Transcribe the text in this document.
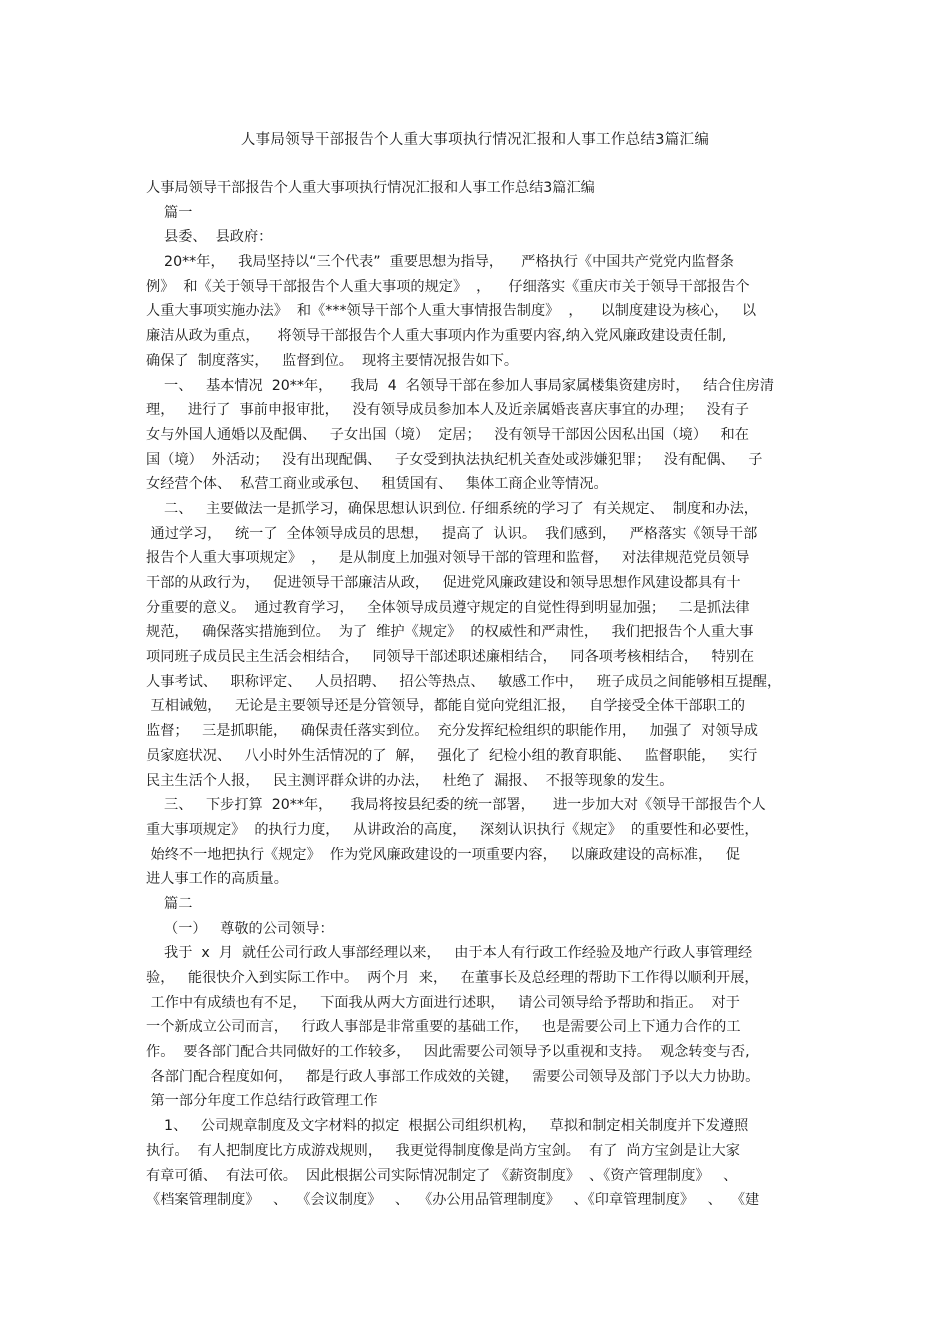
人事局领导干部报告个人重大事项执行情况汇报和人事工作总结3篇汇编
人事局领导干部报告个人重大事项执行情况汇报和人事工作总结3篇汇编
篇一
县委、  县政府：
20**年，   我局坚持以“三个代表”  重要思想为指导，    严格执行《中国共产党党内监督条
例》  和《关于领导干部报告个人重大事项的规定》  ，    仔细落实《重庆市关于领导干部报告个
人重大事项实施办法》  和《***领导干部个人重大事情报告制度》  ，    以制度建设为核心，   以
廉洁从政为重点，    将领导干部报告个人重大事项内作为重要内容,纳入党风廉政建设责任制,
确保了  制度落实，   监督到位。  现将主要情况报告如下。
一、   基本情况  20**年，    我局  4  名领导干部在参加人事局家属楼集资建房时，   结合住房清
理，   进行了  事前申报审批，   没有领导成员参加本人及近亲属婚丧喜庆事宜的办理；   没有子
女与外国人通婚以及配偶、   子女出国（境）  定居；   没有领导干部因公因私出国（境）   和在
国（境）  外活动；   没有出现配偶、   子女受到执法执纪机关查处或涉嫌犯罪；   没有配偶、   子
女经营个体、  私营工商业或承包、   租赁国有、   集体工商企业等情况。
二、   主要做法一是抓学习，确保思想认识到位. 仔细系统的学习了  有关规定、  制度和办法，
通过学习，   统一了  全体领导成员的思想，   提高了  认识。  我们感到，   严格落实《领导干部
报告个人重大事项规定》  ，   是从制度上加强对领导干部的管理和监督，   对法律规范党员领导
干部的从政行为，   促进领导干部廉洁从政，   促进党风廉政建设和领导思想作风建设都具有十
分重要的意义。  通过教育学习，   全体领导成员遵守规定的自觉性得到明显加强；   二是抓法律
规范，   确保落实措施到位。  为了  维护《规定》  的权威性和严肃性，   我们把报告个人重大事
项同班子成员民主生活会相结合，   同领导干部述职述廉相结合，   同各项考核相结合，   特别在
人事考试、   职称评定、   人员招聘、   招公等热点、   敏感工作中，   班子成员之间能够相互提醒，
互相诫勉，   无论是主要领导还是分管领导，都能自觉向党组汇报，   自学接受全体干部职工的
监督；   三是抓职能，   确保责任落实到位。  充分发挥纪检组织的职能作用，   加强了  对领导成
员家庭状况、   八小时外生活情况的了  解，   强化了  纪检小组的教育职能、   监督职能，   实行
民主生活个人报，   民主测评群众讲的办法，   杜绝了  漏报、  不报等现象的发生。
三、   下步打算  20**年，    我局将按县纪委的统一部署，    进一步加大对《领导干部报告个人
重大事项规定》  的执行力度，   从讲政治的高度，   深刻认识执行《规定》  的重要性和必要性，
始终不一地把执行《规定》  作为党风廉政建设的一项重要内容，   以廉政建设的高标准，   促
进人事工作的高质量。
篇二
（一）   尊敬的公司领导：
我于  x  月  就任公司行政人事部经理以来，   由于本人有行政工作经验及地产行政人事管理经
验，   能很快介入到实际工作中。  两个月  来，   在董事长及总经理的帮助下工作得以顺利开展，
工作中有成绩也有不足，   下面我从两大方面进行述职，   请公司领导给予帮助和指正。  对于
一个新成立公司而言，   行政人事部是非常重要的基础工作，   也是需要公司上下通力合作的工
作。  要各部门配合共同做好的工作较多，   因此需要公司领导予以重视和支持。  观念转变与否,
各部门配合程度如何，   都是行政人事部工作成效的关键，   需要公司领导及部门予以大力协助。
第一部分年度工作总结行政管理工作
1、   公司规章制度及文字材料的拟定  根据公司组织机构，   草拟和制定相关制度并下发遵照
执行。  有人把制度比方成游戏规则，   我更觉得制度像是尚方宝剑。  有了  尚方宝剑是让大家
有章可循、  有法可依。  因此根据公司实际情况制定了 《薪资制度》  、《资产管理制度》   、
《档案管理制度》   、  《会议制度》   、  《办公用品管理制度》   、《印章管理制度》   、  《建
